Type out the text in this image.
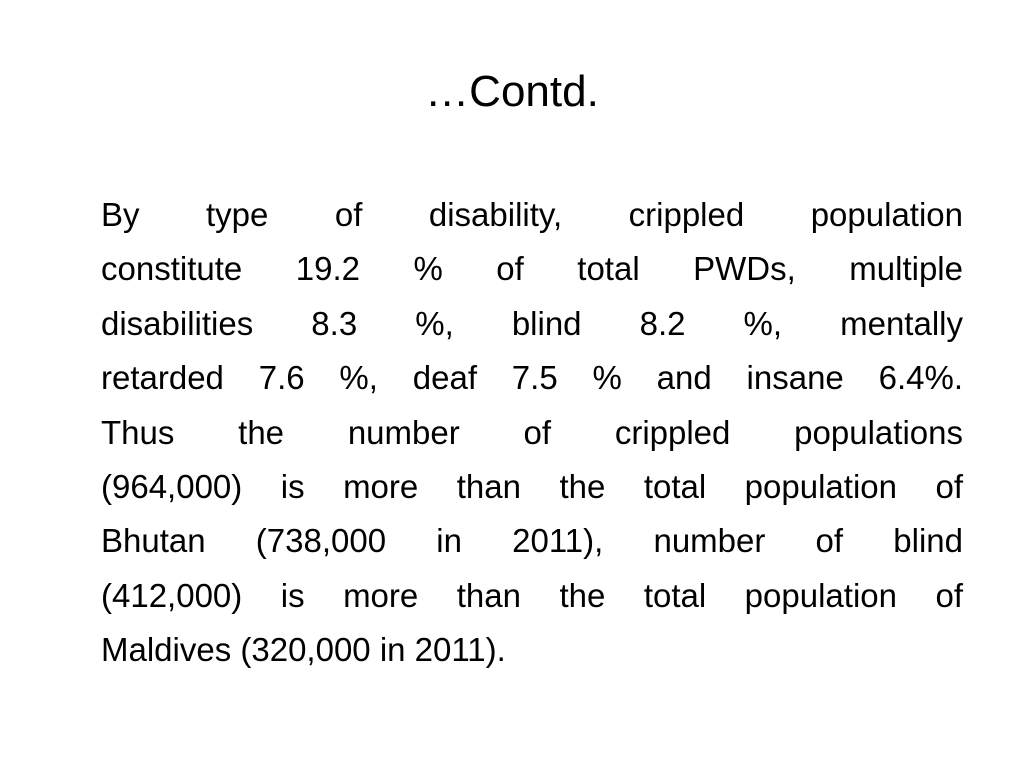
…Contd.
By type of disability, crippled population
constitute 19.2 % of total PWDs, multiple
disabilities 8.3 %, blind 8.2 %, mentally
retarded 7.6 %, deaf 7.5 % and insane 6.4%.
Thus the number of crippled populations
(964,000) is more than the total population of
Bhutan (738,000 in 2011), number of blind
(412,000) is more than the total population of
Maldives (320,000 in 2011).
